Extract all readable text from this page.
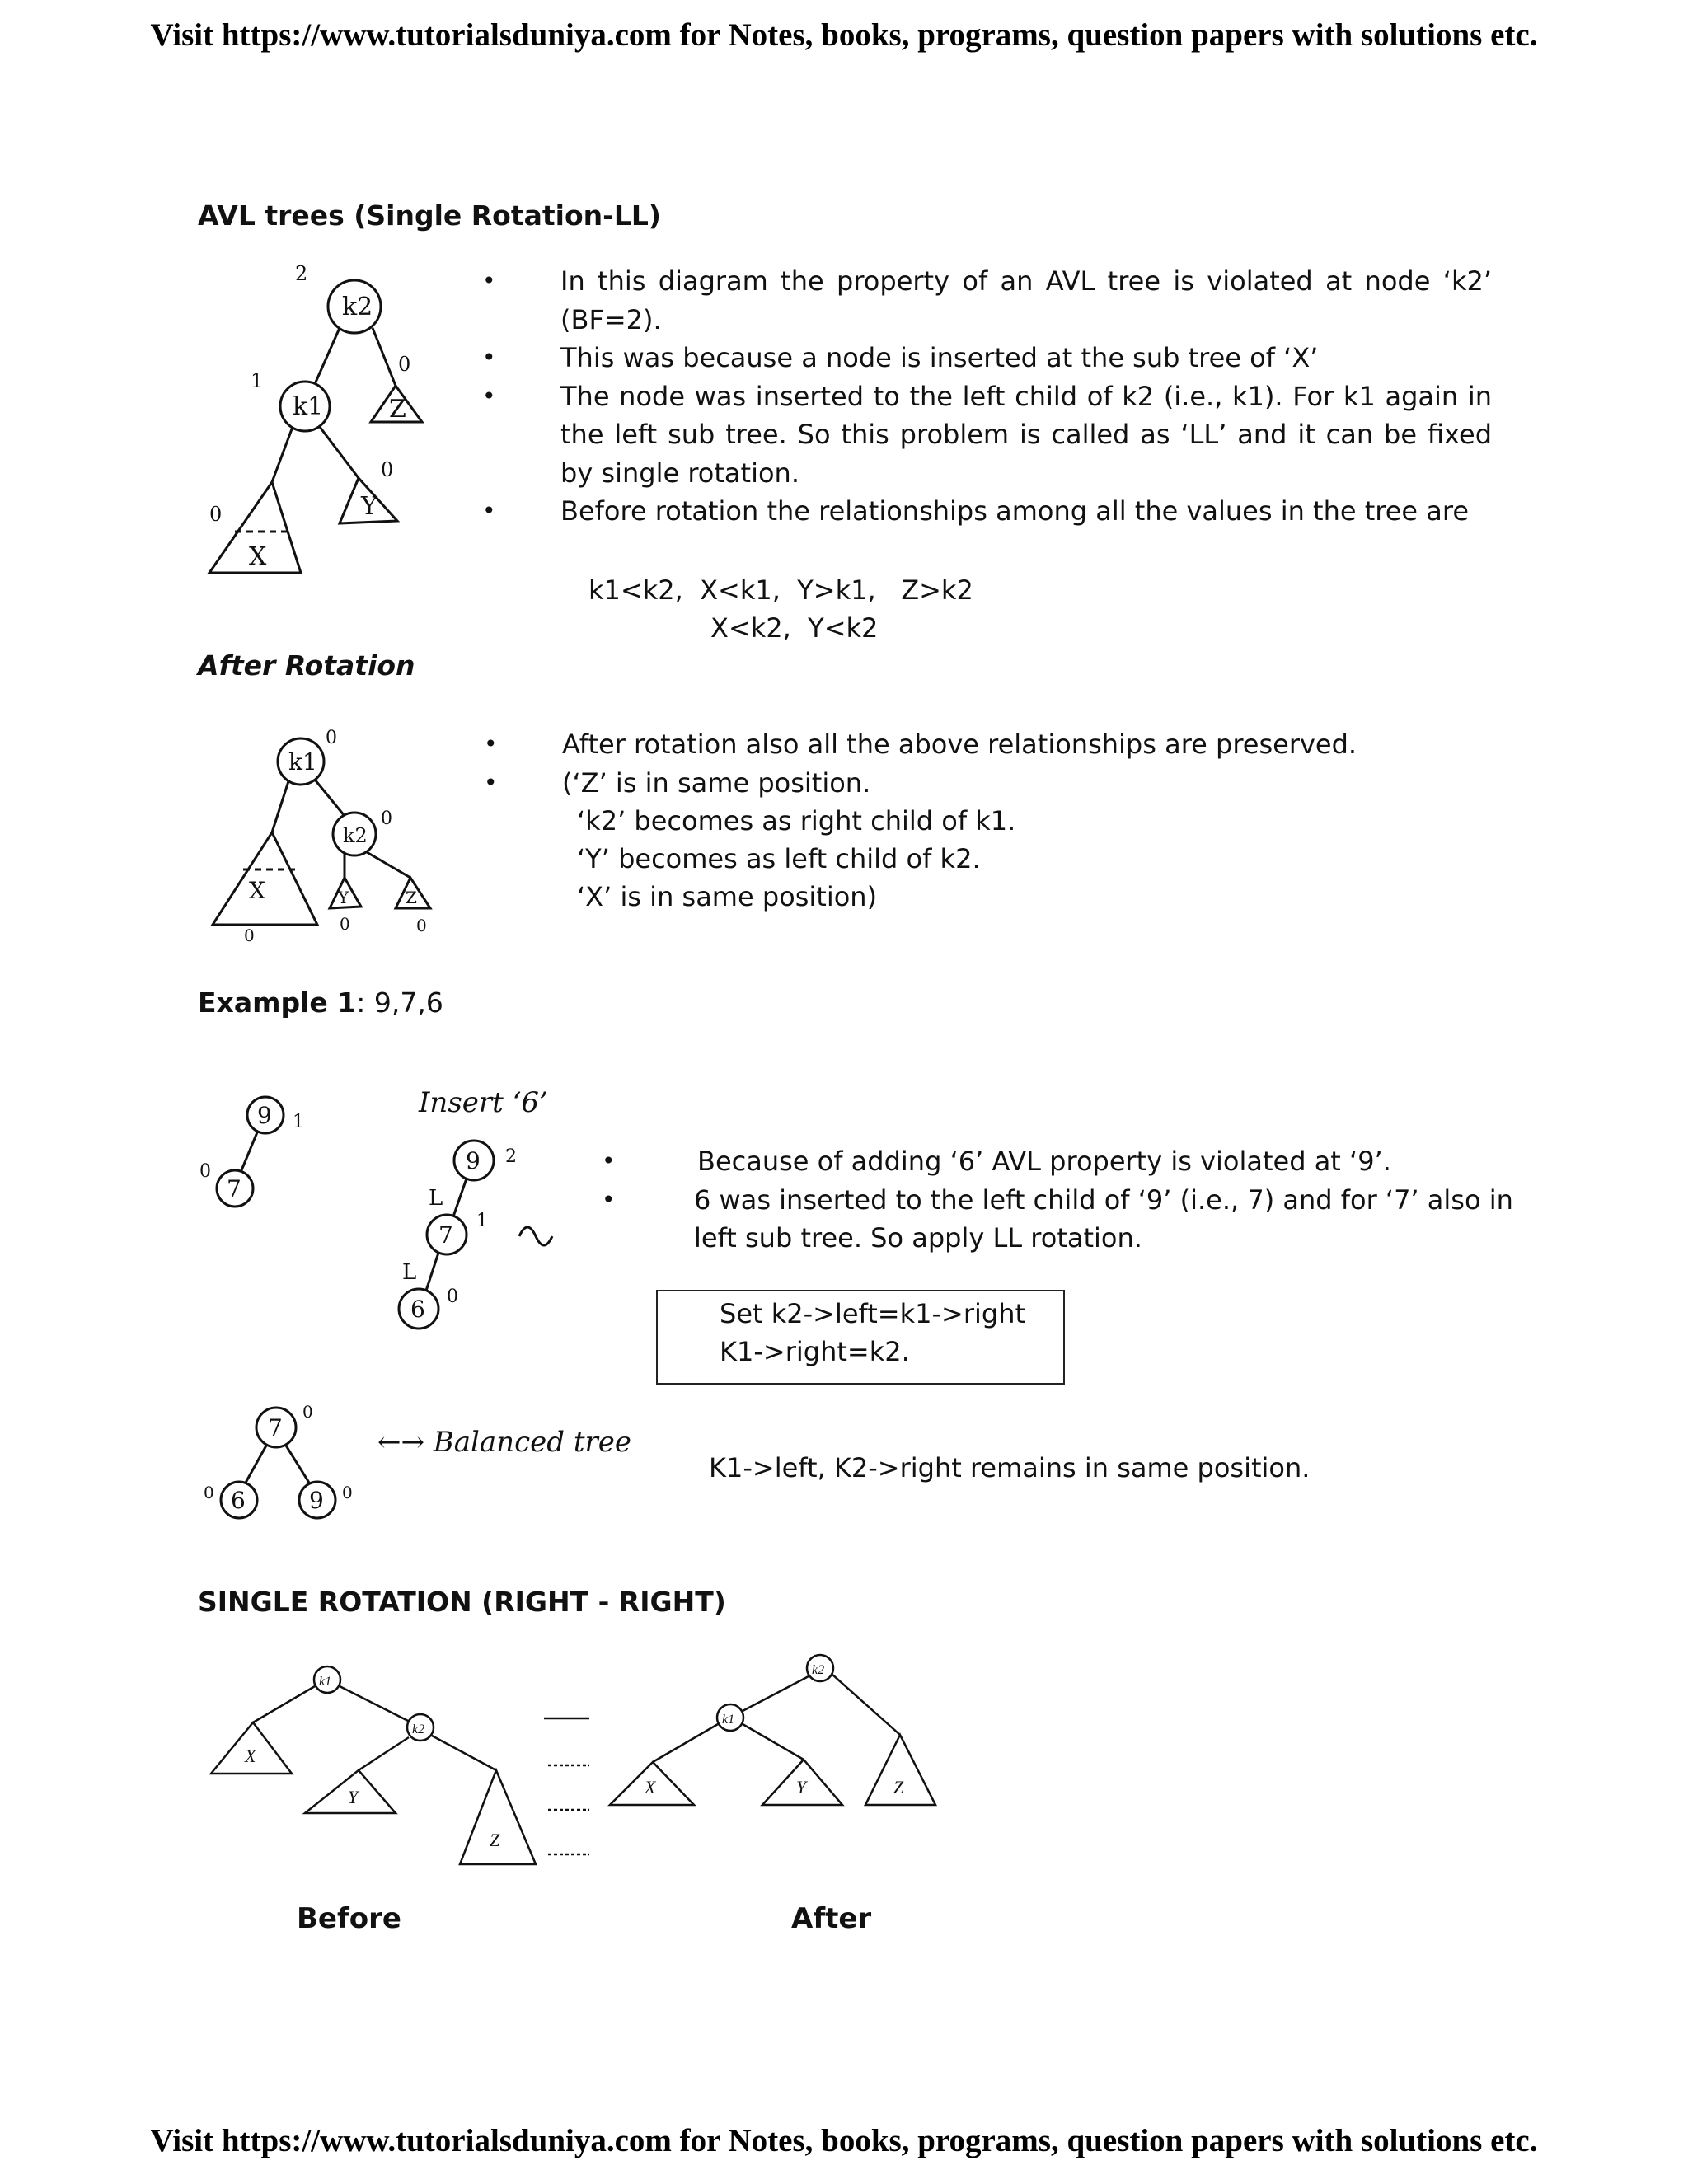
Visit https://www.tutorialsduniya.com for Notes, books, programs, question papers with solutions etc.
Visit https://www.tutorialsduniya.com for Notes, books, programs, question papers with solutions etc.
AVL trees (Single Rotation-LL)
k2
k1	Z
Y
X
2
1
0
0
0
• In this diagram the property of an AVL tree is violated at node ‘k2’ (BF=2).
• This was because a node is inserted at the sub tree of ‘X’
• The node was inserted to the left child of k2 (i.e., k1). For k1 again in the left sub tree. So this problem is called as ‘LL’ and it can be fixed by single rotation.
• Before rotation the relationships among all the values in the tree are
k1<k2,  X<k1,  Y>k1,   Z>k2
X<k2,  Y<k2
After Rotation
k1
k2
X	Y	Z
0
0
0
0	0
• After rotation also all the above relationships are preserved.
• (‘Z’ is in same position.
‘k2’ becomes as right child of k1.
‘Y’ becomes as left child of k2.
‘X’ is in same position)
Example 1: 9,7,6
9
7
1
0
Insert ‘6’
9
7
6
2
1
0
L
L
• Because of adding ‘6’ AVL property is violated at ‘9’.
• 6 was inserted to the left child of ‘9’ (i.e., 7) and for ‘7’ also in left sub tree. So apply LL rotation.
Set k2->left=k1->right
K1->right=k2.
7
6	9
0
0	0
←→ Balanced tree
K1->left, K2->right remains in same position.
SINGLE ROTATION (RIGHT - RIGHT)
k1
k2
X
Y
Z
k2
k1
X	Y	Z
Before	After
